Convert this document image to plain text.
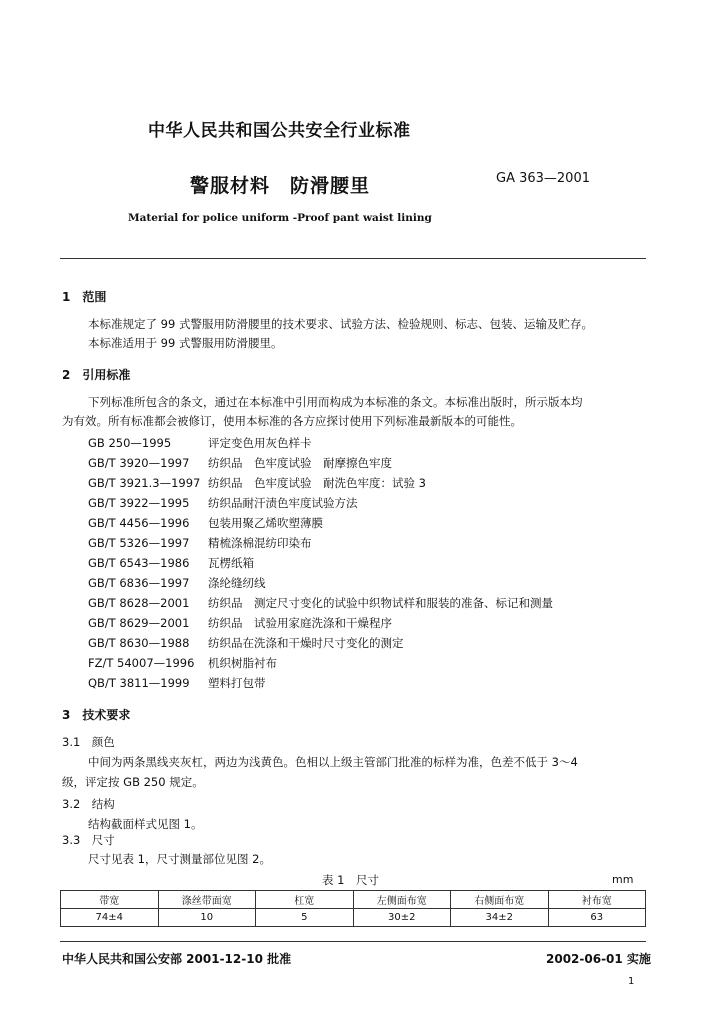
中华人民共和国公共安全行业标准
警服材料　防滑腰里	GA 363—2001
Material for police uniform -Proof pant waist lining
1　范围
本标准规定了 99 式警服用防滑腰里的技术要求、试验方法、检验规则、标志、包装、运输及贮存。
本标准适用于 99 式警服用防滑腰里。
2　引用标准
下列标准所包含的条文，通过在本标准中引用而构成为本标准的条文。本标准出版时，所示版本均
为有效。所有标准都会被修订，使用本标准的各方应探讨使用下列标准最新版本的可能性。
GB 250—1995	评定变色用灰色样卡
GB/T 3920—1997 纺织品　色牢度试验　耐摩擦色牢度
GB/T 3921.3—1997 纺织品　色牢度试验　耐洗色牢度：试验 3
GB/T 3922—1995 纺织品耐汗渍色牢度试验方法
GB/T 4456—1996 包装用聚乙烯吹塑薄膜
GB/T 5326—1997 精梳涤棉混纺印染布
GB/T 6543—1986 瓦楞纸箱
GB/T 6836—1997 涤纶缝纫线
GB/T 8628—2001 纺织品　测定尺寸变化的试验中织物试样和服装的准备、标记和测量
GB/T 8629—2001 纺织品　试验用家庭洗涤和干燥程序
GB/T 8630—1988 纺织品在洗涤和干燥时尺寸变化的测定
FZ/T 54007—1996 机织树脂衬布
QB/T 3811—1999 塑料打包带
3　技术要求
3.1　颜色
中间为两条黑线夹灰杠，两边为浅黄色。色相以上级主管部门批准的标样为准，色差不低于 3～4
级，评定按 GB 250 规定。
3.2　结构
结构截面样式见图 1。
3.3　尺寸
尺寸见表 1，尺寸测量部位见图 2。
表 1　尺寸	mm
带宽	涤丝带面宽	杠宽	左侧面布宽	右侧面布宽	衬布宽
74±4	10	5	30±2	34±2	63
中华人民共和国公安部 2001-12-10 批准	2002-06-01 实施
1
